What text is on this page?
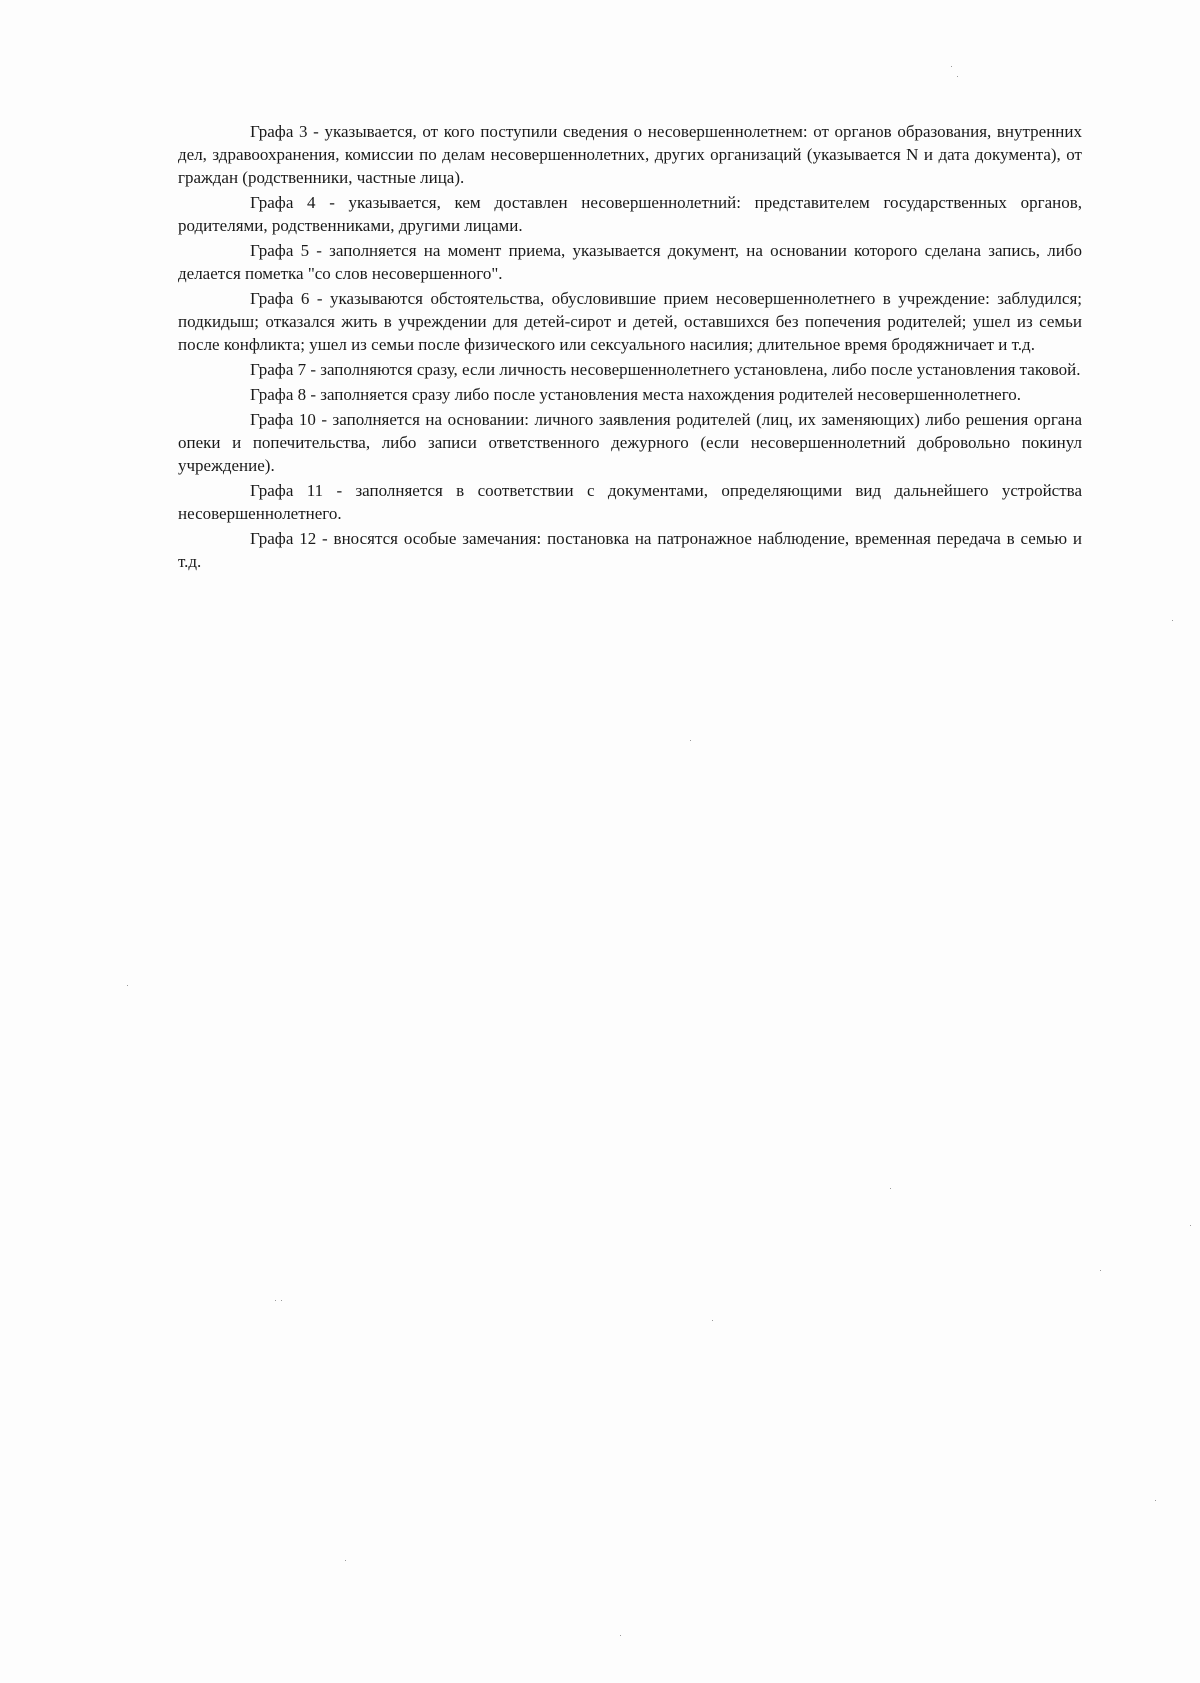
Графа 3 - указывается, от кого поступили сведения о несовершеннолетнем: от органов образования, внутренних дел, здравоохранения, комиссии по делам несовершеннолетних, других организаций (указывается N и дата документа), от граждан (родственники, частные лица).

Графа 4 - указывается, кем доставлен несовершеннолетний: представителем государственных органов, родителями, родственниками, другими лицами.

Графа 5 - заполняется на момент приема, указывается документ, на основании которого сделана запись, либо делается пометка "со слов несовершенного".

Графа 6 - указываются обстоятельства, обусловившие прием несовершеннолетнего в учреждение: заблудился; подкидыш; отказался жить в учреждении для детей-сирот и детей, оставшихся без попечения родителей; ушел из семьи после конфликта; ушел из семьи после физического или сексуального насилия; длительное время бродяжничает и т.д.

Графа 7 - заполняются сразу, если личность несовершеннолетнего установлена, либо после установления таковой.

Графа 8 - заполняется сразу либо после установления места нахождения родителей несовершеннолетнего.

Графа 10 - заполняется на основании: личного заявления родителей (лиц, их заменяющих) либо решения органа опеки и попечительства, либо записи ответственного дежурного (если несовершеннолетний добровольно покинул учреждение).

Графа 11 - заполняется в соответствии с документами, определяющими вид дальнейшего устройства несовершеннолетнего.

Графа 12 - вносятся особые замечания: постановка на патронажное наблюдение, временная передача в семью и т.д.
